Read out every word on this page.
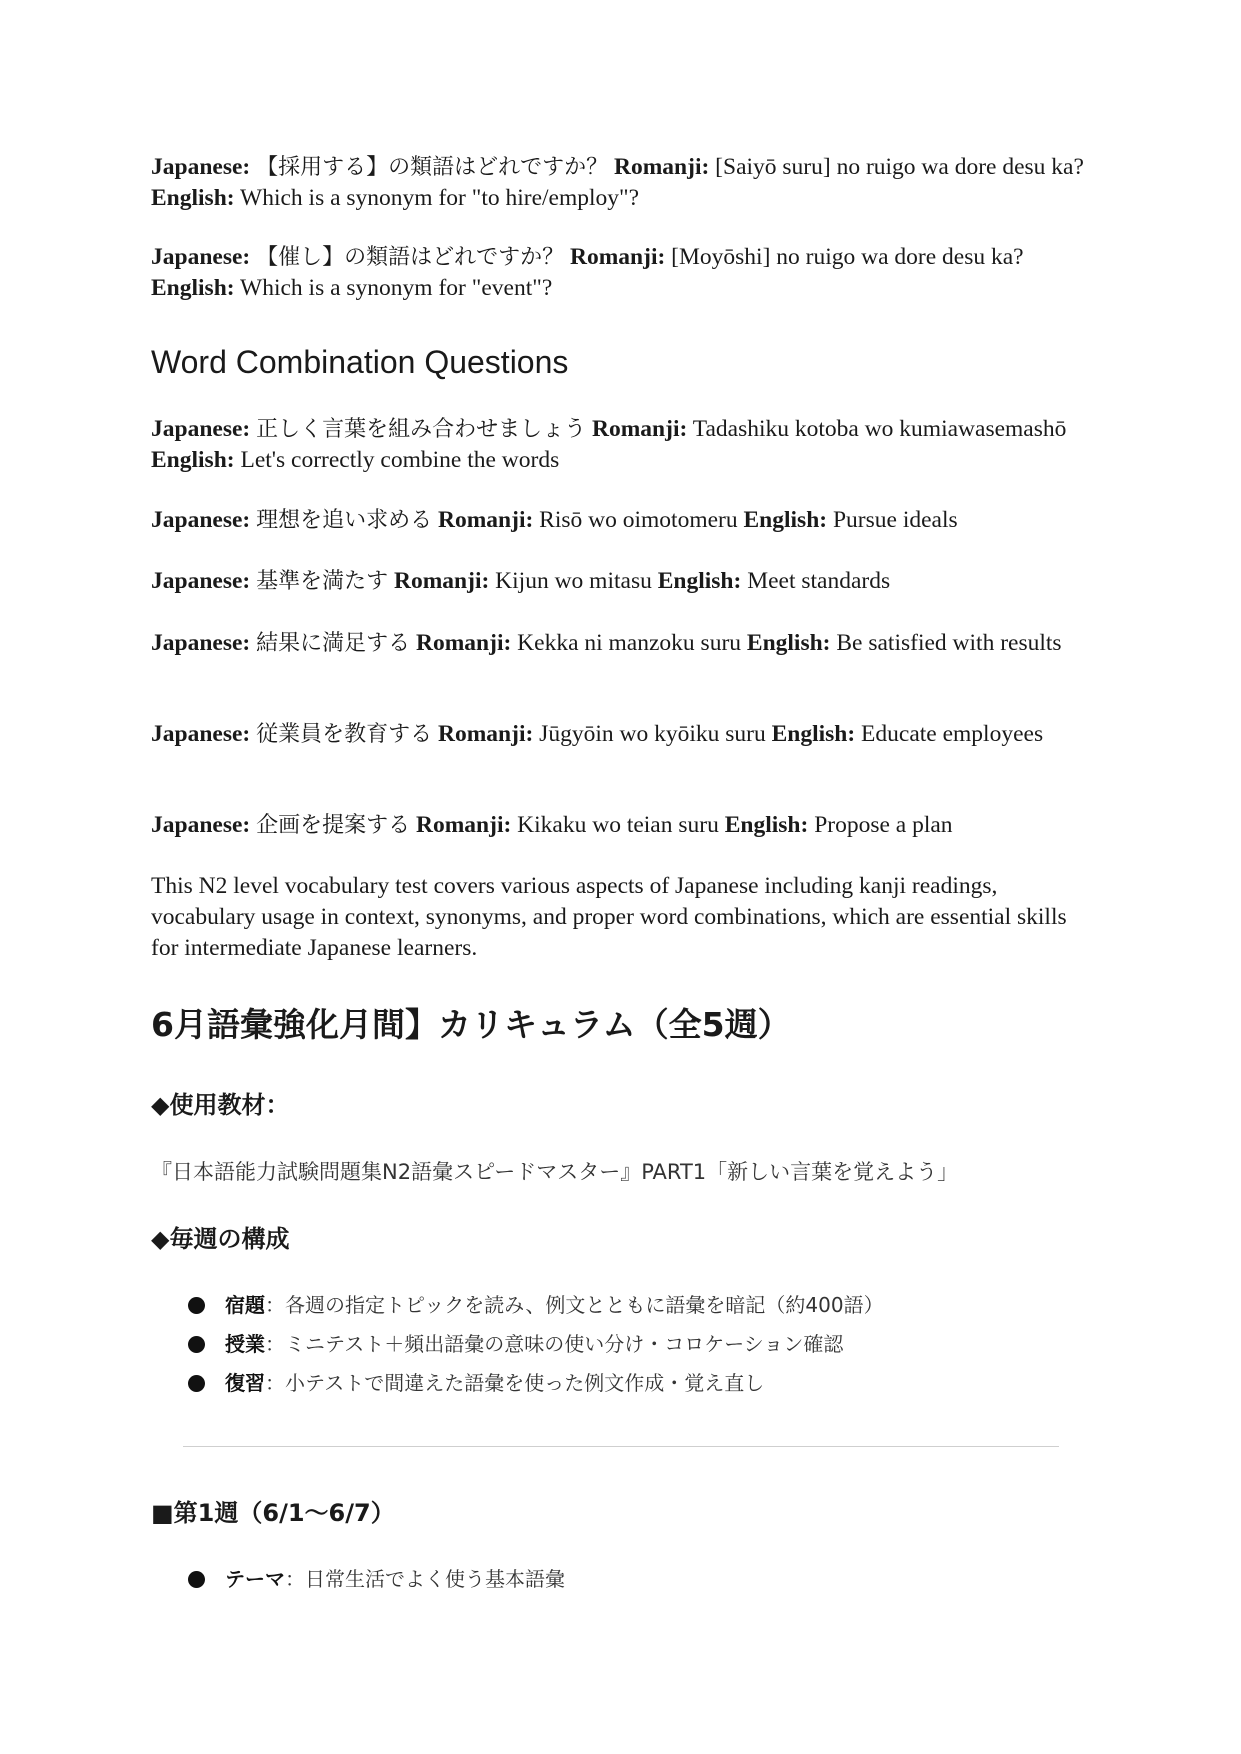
Japanese: 【採用する】の類語はどれですか？ Romanji: [Saiyō suru] no ruigo wa dore desu ka? English: Which is a synonym for "to hire/employ"?

Japanese: 【催し】の類語はどれですか？ Romanji: [Moyōshi] no ruigo wa dore desu ka? English: Which is a synonym for "event"?

Word Combination Questions

Japanese: 正しく言葉を組み合わせましょう Romanji: Tadashiku kotoba wo kumiawasemashō English: Let's correctly combine the words

Japanese: 理想を追い求める Romanji: Risō wo oimotomeru English: Pursue ideals

Japanese: 基準を満たす Romanji: Kijun wo mitasu English: Meet standards

Japanese: 結果に満足する Romanji: Kekka ni manzoku suru English: Be satisfied with results

Japanese: 従業員を教育する Romanji: Jūgyōin wo kyōiku suru English: Educate employees

Japanese: 企画を提案する Romanji: Kikaku wo teian suru English: Propose a plan

This N2 level vocabulary test covers various aspects of Japanese including kanji readings, vocabulary usage in context, synonyms, and proper word combinations, which are essential skills for intermediate Japanese learners.

6月語彙強化月間】カリキュラム（全5週）
◆使用教材：
『日本語能力試験問題集N2語彙スピードマスター』PART1「新しい言葉を覚えよう」
◆毎週の構成
宿題：各週の指定トピックを読み、例文とともに語彙を暗記（約400語）
授業：ミニテスト＋頻出語彙の意味の使い分け・コロケーション確認
復習：小テストで間違えた語彙を使った例文作成・覚え直し
■第1週（6/1〜6/7）
テーマ：日常生活でよく使う基本語彙
